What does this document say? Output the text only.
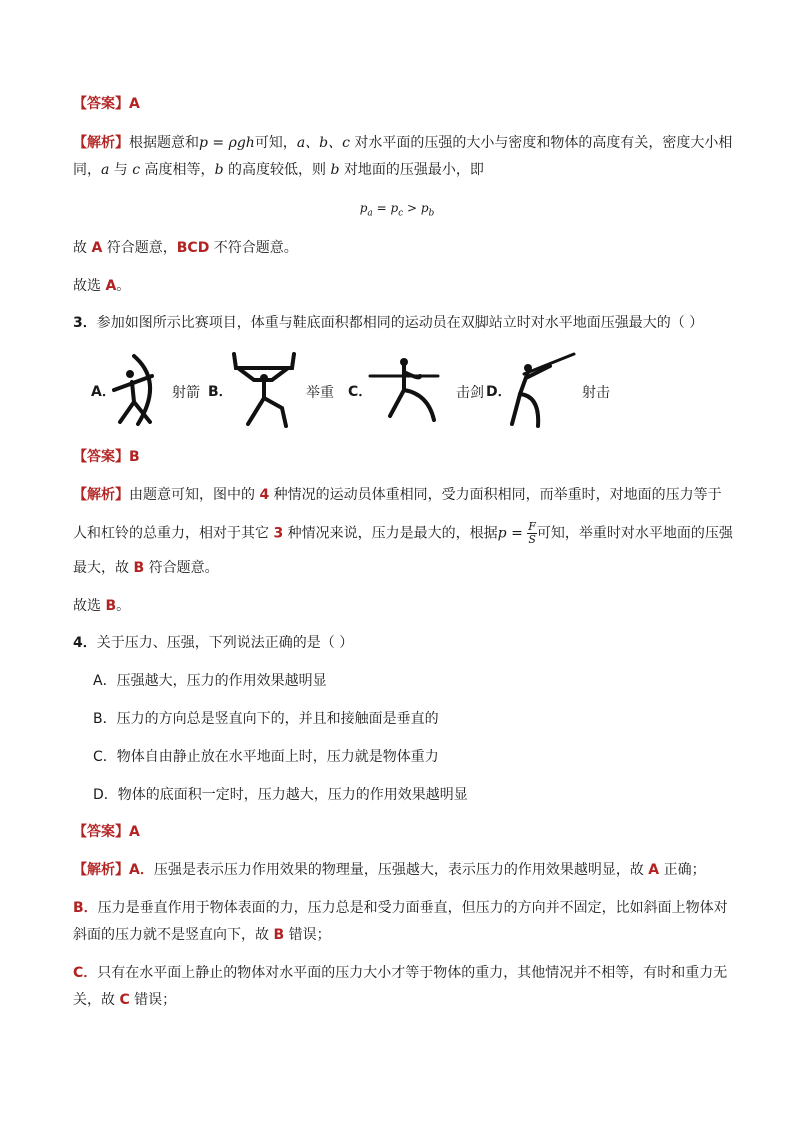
【答案】A
【解析】根据题意和p = ρgh可知，a、b、c 对水平面的压强的大小与密度和物体的高度有关，密度大小相
同，a 与 c 高度相等，b 的高度较低，则 b 对地面的压强最小，即
$p_a = p_c > p_b$
故 A 符合题意，BCD 不符合题意。
故选 A。
3．参加如图所示比赛项目，体重与鞋底面积都相同的运动员在双脚站立时对水平地面压强最大的（ ）
A．	射箭 B．	举重 C．	击剑 D．	射击
【答案】B
【解析】由题意可知，图中的 4 种情况的运动员体重相同，受力面积相同，而举重时，对地面的压力等于
人和杠铃的总重力，相对于其它 3 种情况来说，压力是最大的，根据$p = \frac{F}{S}$ 可知，举重时对水平地面的压强
最大，故 B 符合题意。
故选 B。
4．关于压力、压强，下列说法正确的是（ ）
A．压强越大，压力的作用效果越明显
B．压力的方向总是竖直向下的，并且和接触面是垂直的
C．物体自由静止放在水平地面上时，压力就是物体重力
D．物体的底面积一定时，压力越大，压力的作用效果越明显
【答案】A
【解析】A．压强是表示压力作用效果的物理量，压强越大，表示压力的作用效果越明显，故 A 正确；
B．压力是垂直作用于物体表面的力，压力总是和受力面垂直，但压力的方向并不固定，比如斜面上物体对
斜面的压力就不是竖直向下，故 B 错误；
C．只有在水平面上静止的物体对水平面的压力大小才等于物体的重力，其他情况并不相等，有时和重力无
关，故 C 错误；
